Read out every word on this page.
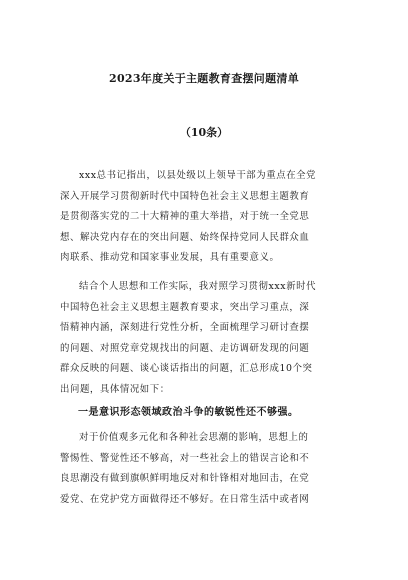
2023年度关于主题教育查摆问题清单
（10条）
xxx总书记指出，以县处级以上领导干部为重点在全党
深入开展学习贯彻新时代中国特色社会主义思想主题教育
是贯彻落实党的二十大精神的重大举措，对于统一全党思
想、解决党内存在的突出问题、始终保持党同人民群众血
肉联系、推动党和国家事业发展，具有重要意义。
结合个人思想和工作实际，我对照学习贯彻xxx新时代
中国特色社会主义思想主题教育要求，突出学习重点，深
悟精神内涵，深刻进行党性分析，全面梳理学习研讨查摆
的问题、对照党章党规找出的问题、走访调研发现的问题
群众反映的问题、谈心谈话指出的问题，汇总形成10个突
出问题，具体情况如下：
一是意识形态领域政治斗争的敏锐性还不够强。
对于价值观多元化和各种社会思潮的影响，思想上的
警惕性、警觉性还不够高，对一些社会上的错误言论和不
良思潮没有做到旗帜鲜明地反对和针锋相对地回击，在党
爱党、在党护党方面做得还不够好。在日常生活中或者网
